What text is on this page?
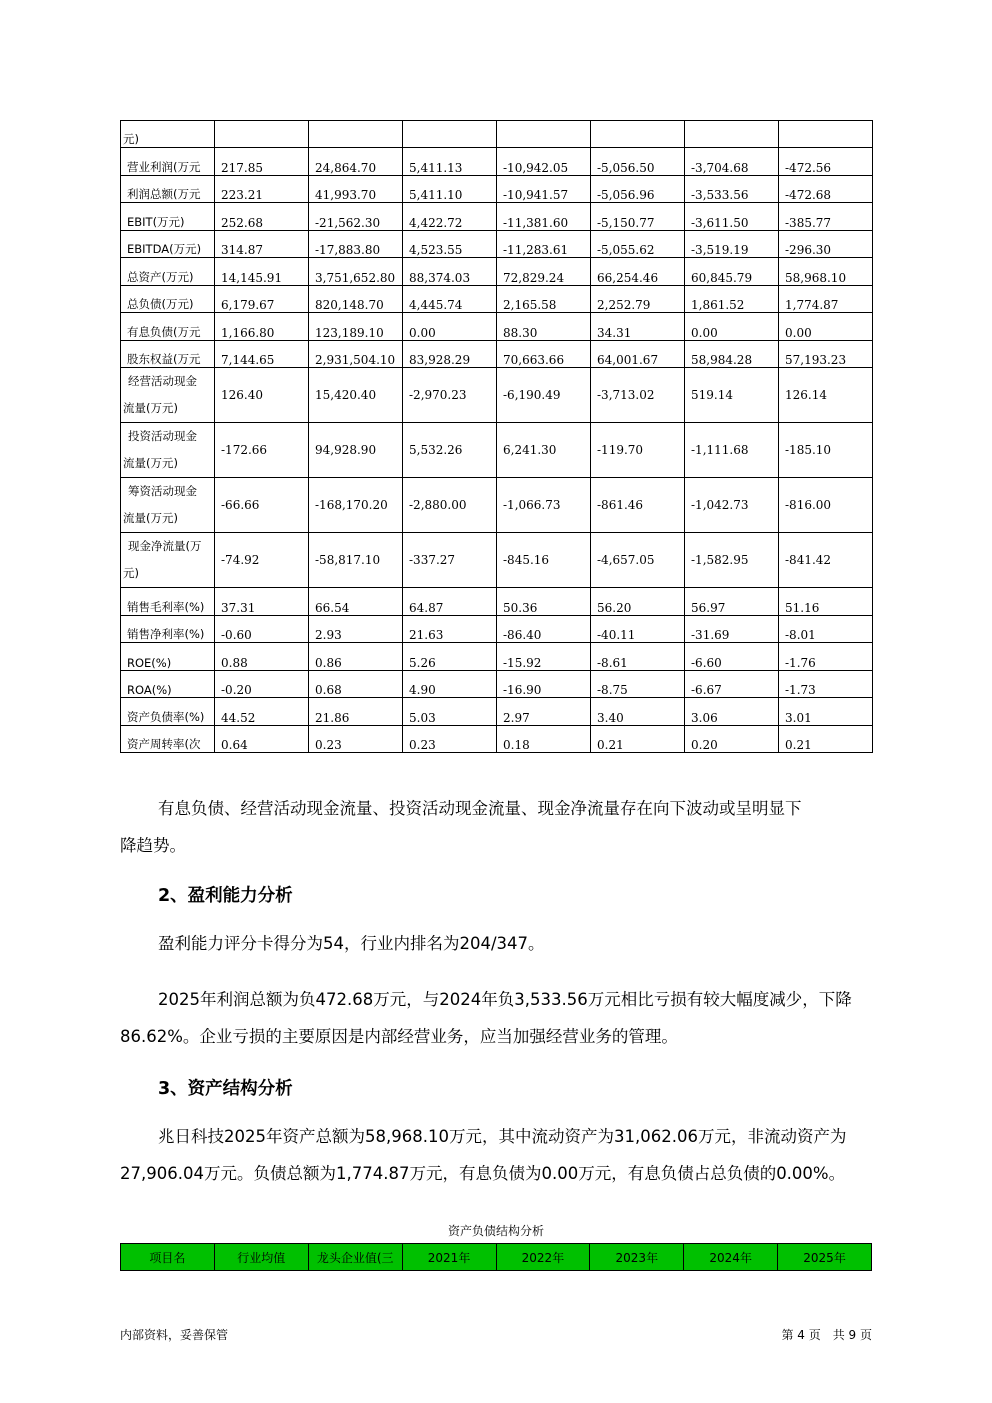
元)							
营业利润(万元	217.85	24,864.70	5,411.13	-10,942.05	-5,056.50	-3,704.68	-472.56
利润总额(万元	223.21	41,993.70	5,411.10	-10,941.57	-5,056.96	-3,533.56	-472.68
EBIT(万元)	252.68	-21,562.30	4,422.72	-11,381.60	-5,150.77	-3,611.50	-385.77
EBITDA(万元)	314.87	-17,883.80	4,523.55	-11,283.61	-5,055.62	-3,519.19	-296.30
总资产(万元)	14,145.91	3,751,652.80	88,374.03	72,829.24	66,254.46	60,845.79	58,968.10
总负债(万元)	6,179.67	820,148.70	4,445.74	2,165.58	2,252.79	1,861.52	1,774.87
有息负债(万元	1,166.80	123,189.10	0.00	88.30	34.31	0.00	0.00
股东权益(万元	7,144.65	2,931,504.10	83,928.29	70,663.66	64,001.67	58,984.28	57,193.23

经营活动现金
流量(万元)	126.40	15,420.40	-2,970.23	-6,190.49	-3,713.02	519.14	126.14

投资活动现金
流量(万元)	-172.66	94,928.90	5,532.26	6,241.30	-119.70	-1,111.68	-185.10

筹资活动现金
流量(万元)	-66.66	-168,170.20	-2,880.00	-1,066.73	-861.46	-1,042.73	-816.00

现金净流量(万
元)	-74.92	-58,817.10	-337.27	-845.16	-4,657.05	-1,582.95	-841.42
销售毛利率(%)	37.31	66.54	64.87	50.36	56.20	56.97	51.16
销售净利率(%)	-0.60	2.93	21.63	-86.40	-40.11	-31.69	-8.01
ROE(%)	0.88	0.86	5.26	-15.92	-8.61	-6.60	-1.76
ROA(%)	-0.20	0.68	4.90	-16.90	-8.75	-6.67	-1.73
资产负债率(%)	44.52	21.86	5.03	2.97	3.40	3.06	3.01
资产周转率(次	0.64	0.23	0.23	0.18	0.21	0.20	0.21

有息负债、经营活动现金流量、投资活动现金流量、现金净流量存在向下波动或呈明显下
降趋势。

2、盈利能力分析

盈利能力评分卡得分为54，行业内排名为204/347。

2025年利润总额为负472.68万元，与2024年负3,533.56万元相比亏损有较大幅度减少，下降
86.62%。企业亏损的主要原因是内部经营业务，应当加强经营业务的管理。

3、资产结构分析

兆日科技2025年资产总额为58,968.10万元，其中流动资产为31,062.06万元，非流动资产为
27,906.04万元。负债总额为1,774.87万元，有息负债为0.00万元，有息负债占总负债的0.00%。

资产负债结构分析
项目名	行业均值	龙头企业值(三	2021年	2022年	2023年	2024年	2025年
内部资料，妥善保管	第 4 页　共 9 页
